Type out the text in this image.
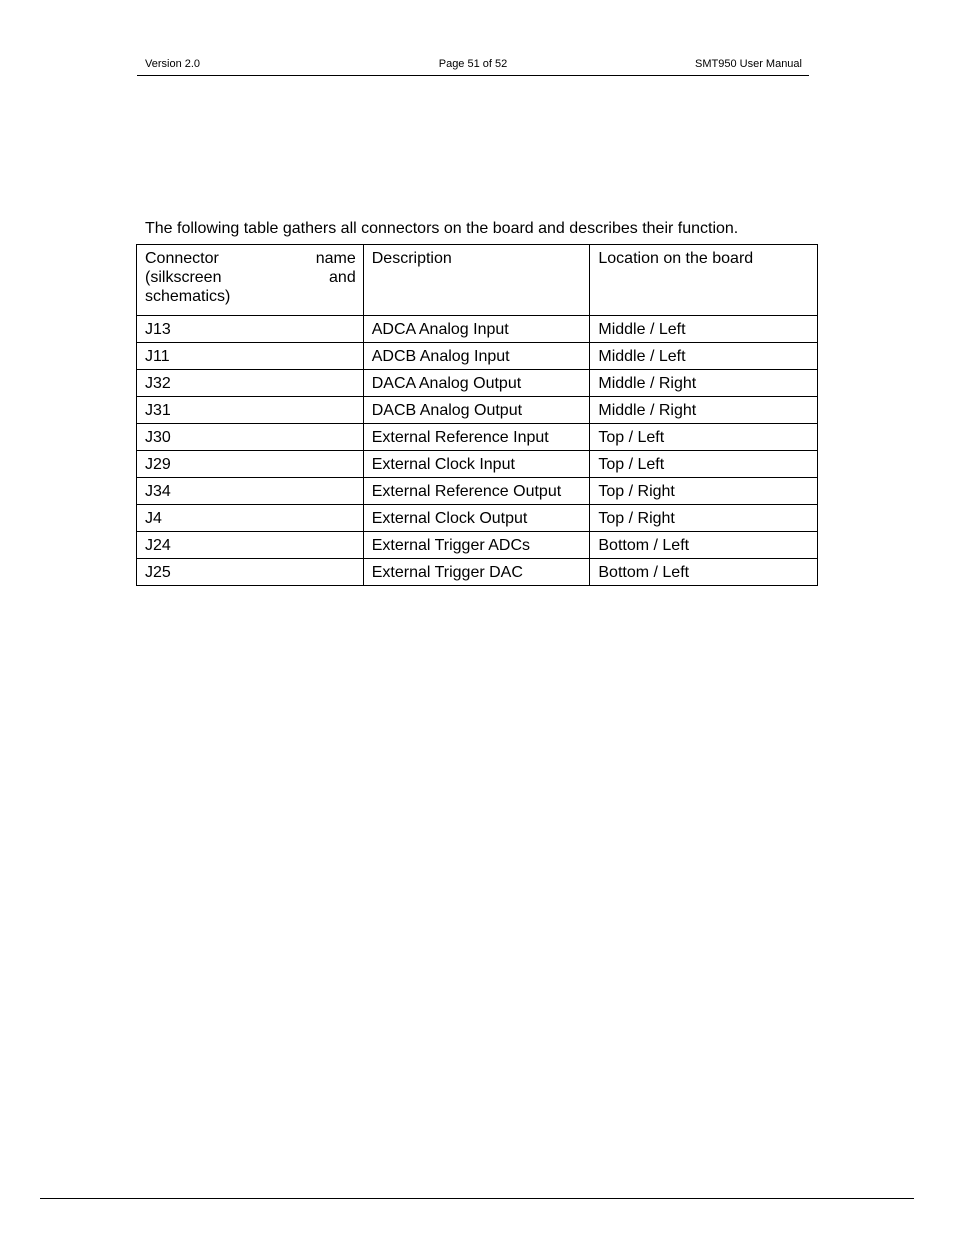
Version 2.0	Page 51 of 52	SMT950 User Manual
The following table gathers all connectors on the board and describes their function.
Connector name
(silkscreen and
schematics)	Description	Location on the board
J13	ADCA Analog Input	Middle / Left
J11	ADCB Analog Input	Middle / Left
J32	DACA Analog Output	Middle / Right
J31	DACB Analog Output	Middle / Right
J30	External Reference Input	Top / Left
J29	External Clock Input	Top / Left
J34	External Reference Output	Top / Right
J4	External Clock Output	Top / Right
J24	External Trigger ADCs	Bottom / Left
J25	External Trigger DAC	Bottom / Left
